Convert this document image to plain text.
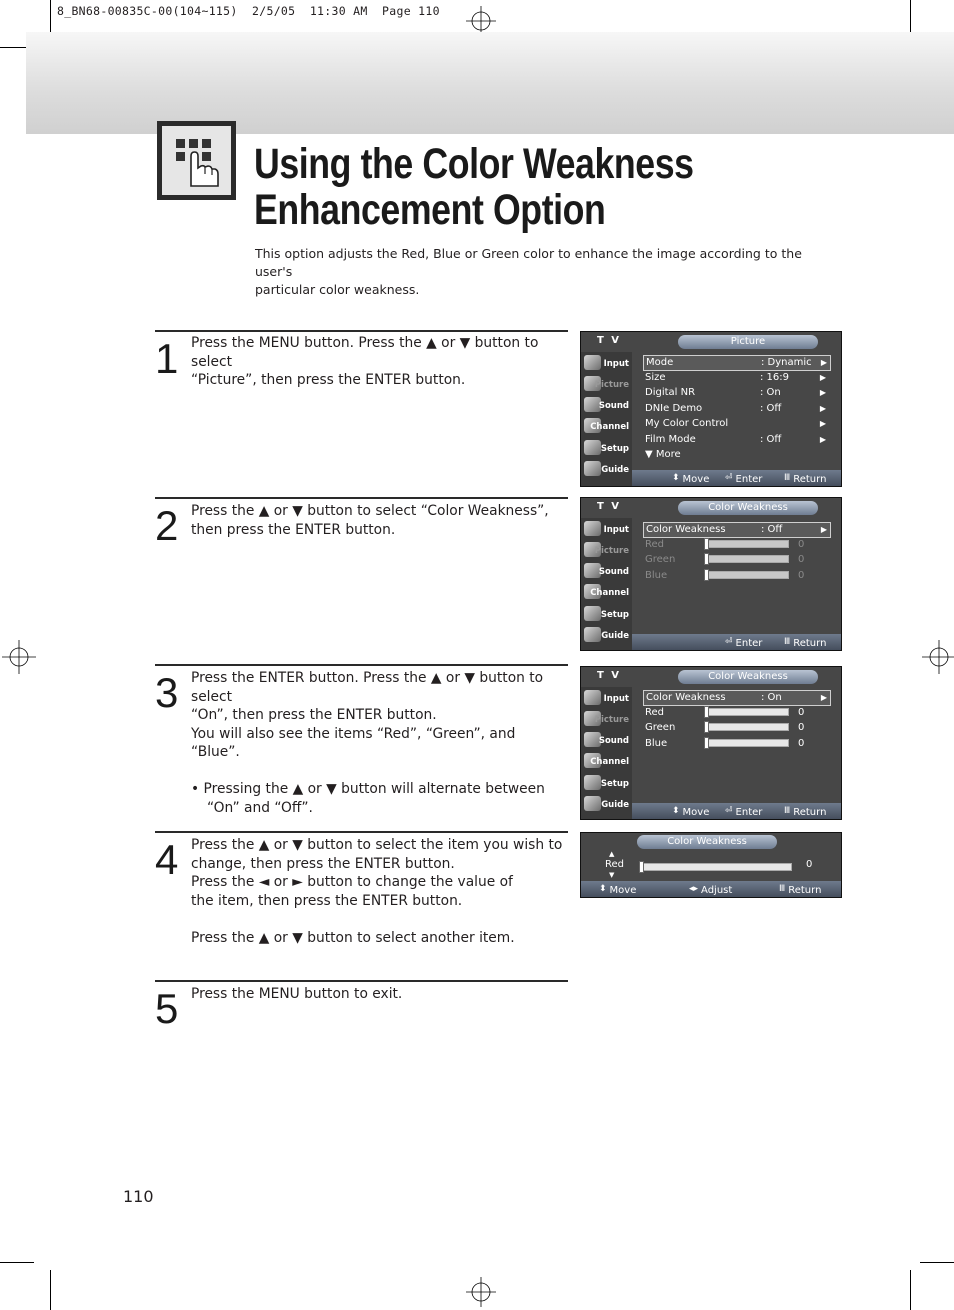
8_BN68-00835C-00(104~115)  2/5/05  11:30 AM  Page 110
Using the Color Weakness
Enhancement Option
This option adjusts the Red, Blue or Green color to enhance the image according to the user's
particular color weakness.
1 Press the MENU button. Press the ▲ or ▼ button to select

“Picture”, then press the ENTER button.

2 Press the ▲ or ▼ button to select “Color Weakness”,

then press the ENTER button.

3 Press the ENTER button. Press the ▲ or ▼ button to select

“On”, then press the ENTER button.

You will also see the items “Red”, “Green”, and

“Blue”.

• Pressing the ▲ or ▼ button will alternate between

“On” and “Off”.

4 Press the ▲ or ▼ button to select the item you wish to

change, then press the ENTER button.

Press the ◄ or ► button to change the value of

the item, then press the ENTER button.

Press the ▲ or ▼ button to select another item.

5 Press the MENU button to exit.

T V	Picture
Input
Picture
Sound
Channel
Setup
Guide
Mode	: Dynamic ▶
Size	: 16:9	▶
Digital NR	: On	▶
DNIe Demo	: Off	▶
My Color Control	▶
Film Mode	: Off	▶
▼ More
⬍ Move ⏎ Enter Ⅲ Return
T V	Color Weakness
Input
Picture
Sound
Channel
Setup
Guide
Color Weakness	: Off	▶
Red	0
Green	0
Blue	0
⏎ Enter Ⅲ Return
T V	Color Weakness
Input
Picture
Sound
Channel
Setup
Guide
Color Weakness	: On	▶
Red	0
Green	0
Blue	0
⬍ Move ⏎ Enter Ⅲ Return
Color Weakness
▲
Red
▼
0
⬍ Move	◂▸ Adjust	Ⅲ Return
110
